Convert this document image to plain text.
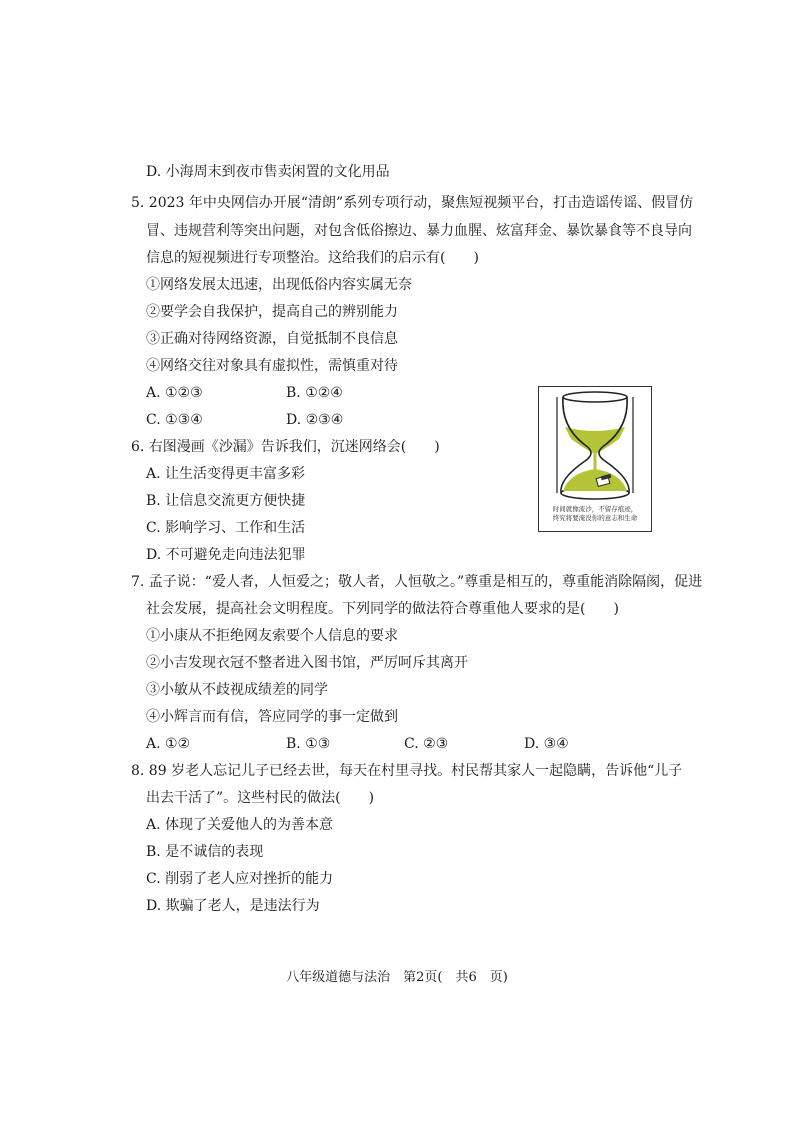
D. 小海周末到夜市售卖闲置的文化用品
5. 2023 年中央网信办开展“清朗”系列专项行动，聚焦短视频平台，打击造谣传谣、假冒仿
冒、违规营利等突出问题，对包含低俗擦边、暴力血腥、炫富拜金、暴饮暴食等不良导向
信息的短视频进行专项整治。这给我们的启示有(　　)
①网络发展太迅速，出现低俗内容实属无奈
②要学会自我保护，提高自己的辨别能力
③正确对待网络资源，自觉抵制不良信息
④网络交往对象具有虚拟性，需慎重对待
A. ①②③	B. ①②④
C. ①③④	D. ②③④
时间就像流沙，不留存痕迹，
终究将要淹没你的意志和生命
6. 右图漫画《沙漏》告诉我们，沉迷网络会(　　)
A. 让生活变得更丰富多彩
B. 让信息交流更方便快捷
C. 影响学习、工作和生活
D. 不可避免走向违法犯罪
7. 孟子说：“爱人者，人恒爱之；敬人者，人恒敬之。”尊重是相互的，尊重能消除隔阂，促进
社会发展，提高社会文明程度。下列同学的做法符合尊重他人要求的是(　　)
①小康从不拒绝网友索要个人信息的要求
②小吉发现衣冠不整者进入图书馆，严厉呵斥其离开
③小敏从不歧视成绩差的同学
④小辉言而有信，答应同学的事一定做到
A. ①②	B. ①③	C. ②③	D. ③④
8. 89 岁老人忘记儿子已经去世，每天在村里寻找。村民帮其家人一起隐瞒，告诉他“儿子
出去干活了”。这些村民的做法(　　)
A. 体现了关爱他人的为善本意
B. 是不诚信的表现
C. 削弱了老人应对挫折的能力
D. 欺骗了老人，是违法行为
八年级道德与法治　第2页(　共6　页)
